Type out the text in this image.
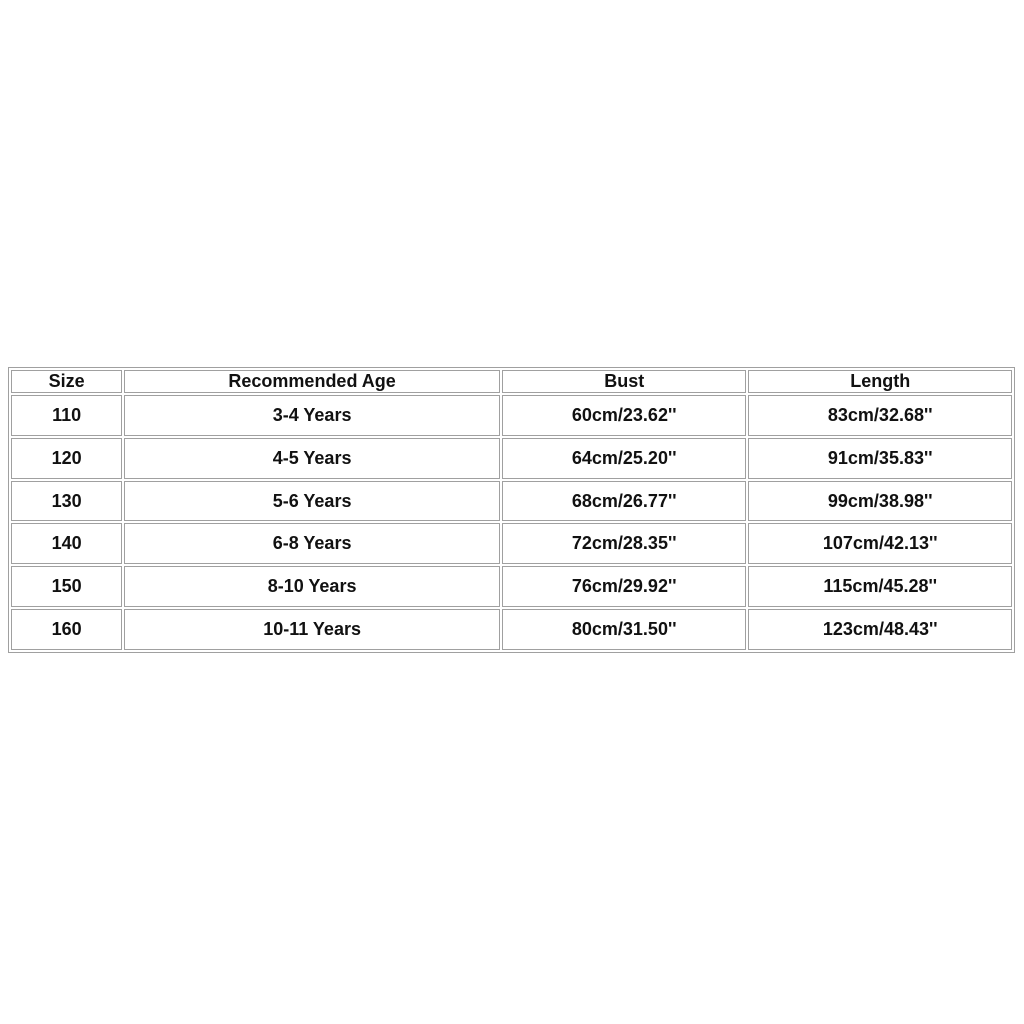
Size	Recommended Age	Bust	Length
110	3-4 Years	60cm/23.62''	83cm/32.68''
120	4-5 Years	64cm/25.20''	91cm/35.83''
130	5-6 Years	68cm/26.77''	99cm/38.98''
140	6-8 Years	72cm/28.35''	107cm/42.13''
150	8-10 Years	76cm/29.92''	115cm/45.28''
160	10-11 Years	80cm/31.50''	123cm/48.43''
